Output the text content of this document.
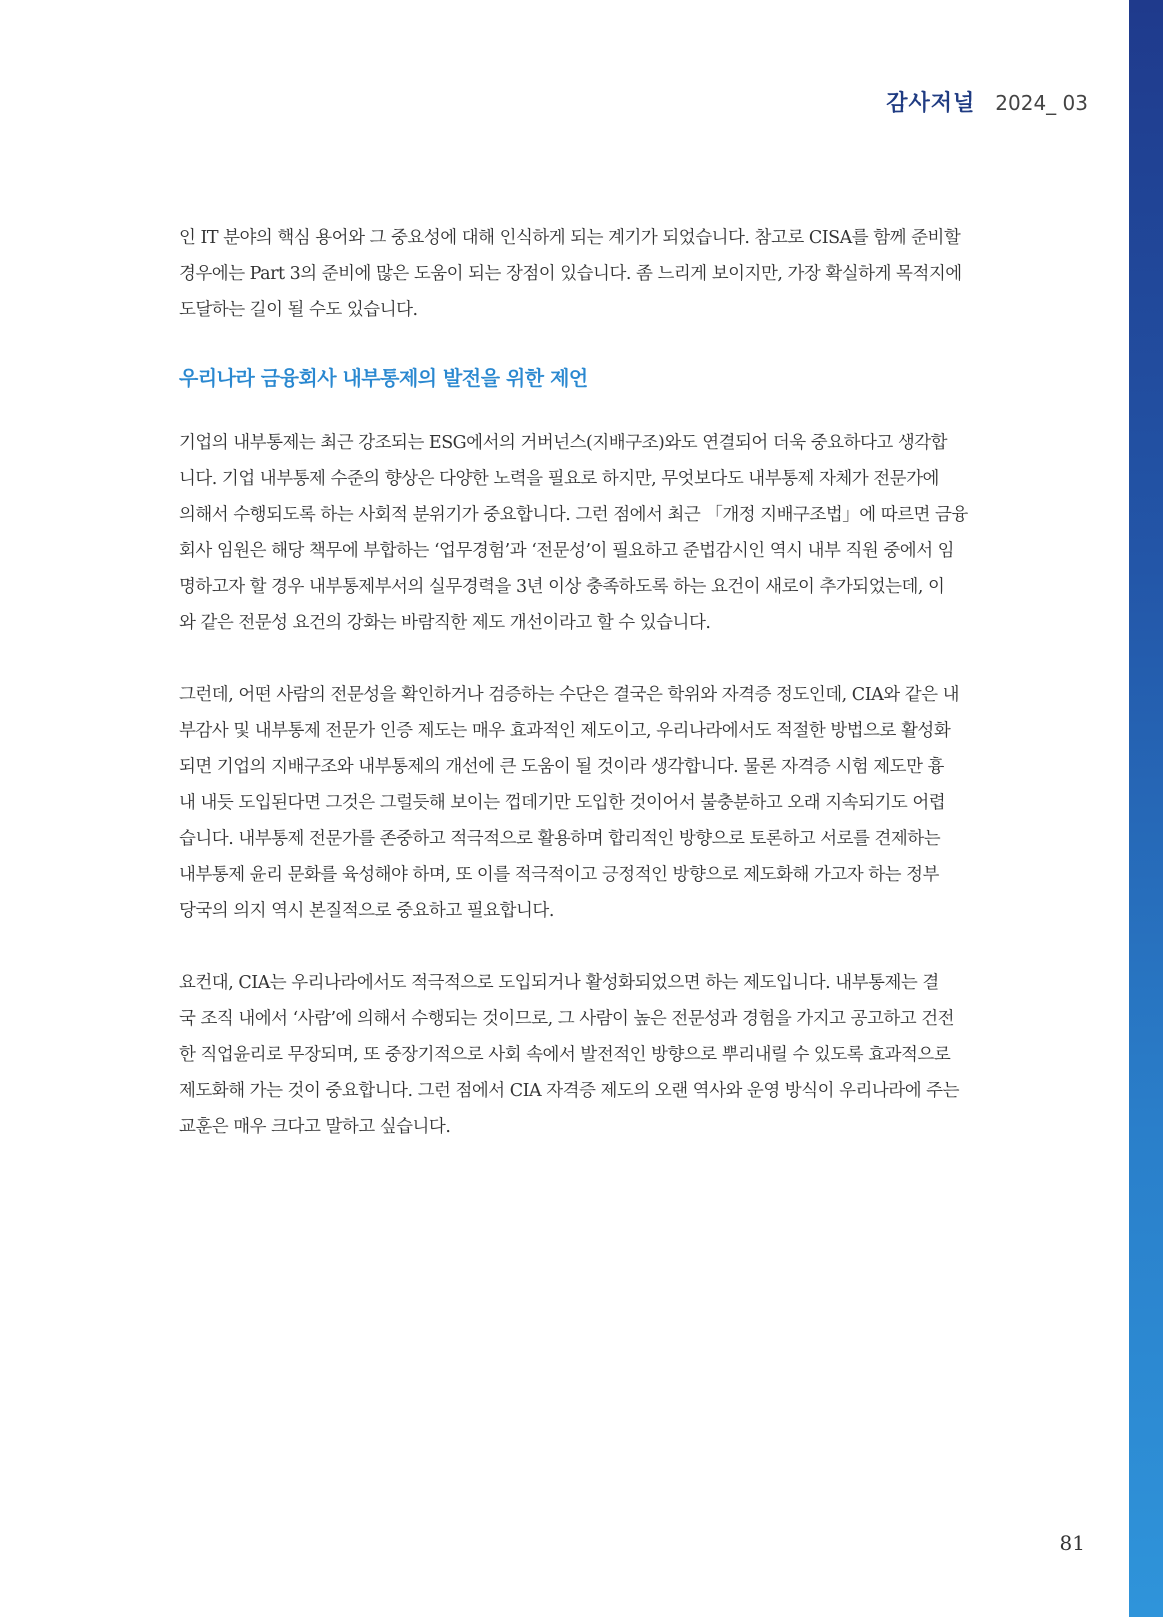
감사저널 2024_ 03

인 IT 분야의 핵심 용어와 그 중요성에 대해 인식하게 되는 계기가 되었습니다. 참고로 CISA를 함께 준비할
경우에는 Part 3의 준비에 많은 도움이 되는 장점이 있습니다. 좀 느리게 보이지만, 가장 확실하게 목적지에
도달하는 길이 될 수도 있습니다.

우리나라 금융회사 내부통제의 발전을 위한 제언

기업의 내부통제는 최근 강조되는 ESG에서의 거버넌스(지배구조)와도 연결되어 더욱 중요하다고 생각합
니다. 기업 내부통제 수준의 향상은 다양한 노력을 필요로 하지만, 무엇보다도 내부통제 자체가 전문가에
의해서 수행되도록 하는 사회적 분위기가 중요합니다. 그런 점에서 최근 「개정 지배구조법」에 따르면 금융
회사 임원은 해당 책무에 부합하는 ‘업무경험’과 ‘전문성’이 필요하고 준법감시인 역시 내부 직원 중에서 임
명하고자 할 경우 내부통제부서의 실무경력을 3년 이상 충족하도록 하는 요건이 새로이 추가되었는데, 이
와 같은 전문성 요건의 강화는 바람직한 제도 개선이라고 할 수 있습니다.

그런데, 어떤 사람의 전문성을 확인하거나 검증하는 수단은 결국은 학위와 자격증 정도인데, CIA와 같은 내
부감사 및 내부통제 전문가 인증 제도는 매우 효과적인 제도이고, 우리나라에서도 적절한 방법으로 활성화
되면 기업의 지배구조와 내부통제의 개선에 큰 도움이 될 것이라 생각합니다. 물론 자격증 시험 제도만 흉
내 내듯 도입된다면 그것은 그럴듯해 보이는 껍데기만 도입한 것이어서 불충분하고 오래 지속되기도 어렵
습니다. 내부통제 전문가를 존중하고 적극적으로 활용하며 합리적인 방향으로 토론하고 서로를 견제하는
내부통제 윤리 문화를 육성해야 하며, 또 이를 적극적이고 긍정적인 방향으로 제도화해 가고자 하는 정부
당국의 의지 역시 본질적으로 중요하고 필요합니다.

요컨대, CIA는 우리나라에서도 적극적으로 도입되거나 활성화되었으면 하는 제도입니다. 내부통제는 결
국 조직 내에서 ‘사람’에 의해서 수행되는 것이므로, 그 사람이 높은 전문성과 경험을 가지고 공고하고 건전
한 직업윤리로 무장되며, 또 중장기적으로 사회 속에서 발전적인 방향으로 뿌리내릴 수 있도록 효과적으로
제도화해 가는 것이 중요합니다. 그런 점에서 CIA 자격증 제도의 오랜 역사와 운영 방식이 우리나라에 주는
교훈은 매우 크다고 말하고 싶습니다.

81
